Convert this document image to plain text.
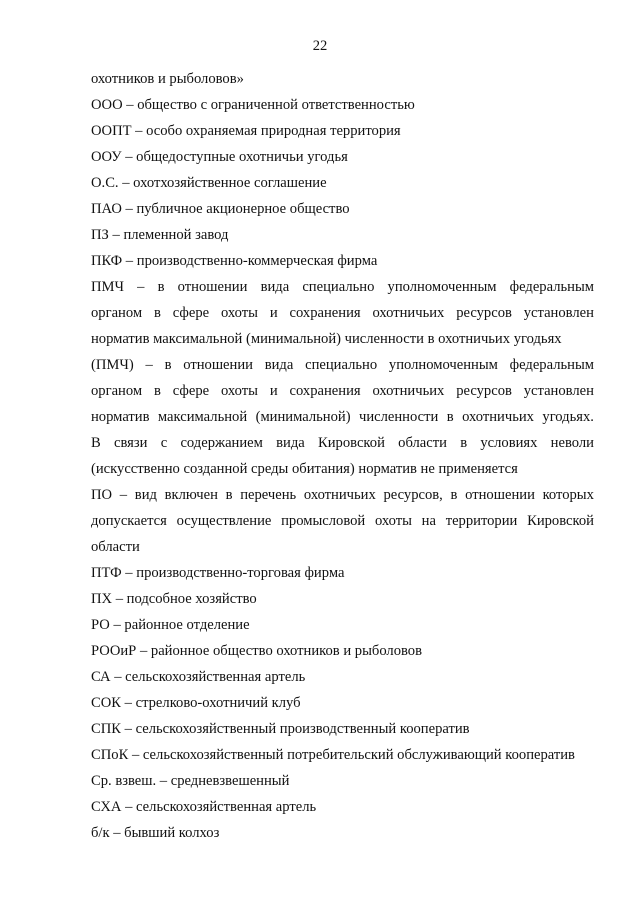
22
охотников и рыболовов»
ООО – общество с ограниченной ответственностью
ООПТ – особо охраняемая природная территория
ООУ – общедоступные охотничьи угодья
О.С. – охотхозяйственное соглашение
ПАО – публичное акционерное общество
ПЗ – племенной завод
ПКФ – производственно-коммерческая фирма
ПМЧ – в отношении вида специально уполномоченным федеральным
органом в сфере охоты и сохранения охотничьих ресурсов установлен
норматив максимальной (минимальной) численности в охотничьих угодьях
(ПМЧ) – в отношении вида специально уполномоченным федеральным
органом в сфере охоты и сохранения охотничьих ресурсов установлен
норматив максимальной (минимальной) численности в охотничьих угодьях.
В связи с содержанием вида Кировской области в условиях неволи
(искусственно созданной среды обитания) норматив не применяется
ПО – вид включен в перечень охотничьих ресурсов, в отношении которых
допускается осуществление промысловой охоты на территории Кировской
области
ПТФ – производственно-торговая фирма
ПХ – подсобное хозяйство
РО – районное отделение
РООиР – районное общество охотников и рыболовов
СА – сельскохозяйственная артель
СОК – стрелково-охотничий клуб
СПК – сельскохозяйственный производственный кооператив
СПоК – сельскохозяйственный потребительский обслуживающий кооператив
Ср. взвеш. – средневзвешенный
СХА – сельскохозяйственная артель
б/к – бывший колхоз
